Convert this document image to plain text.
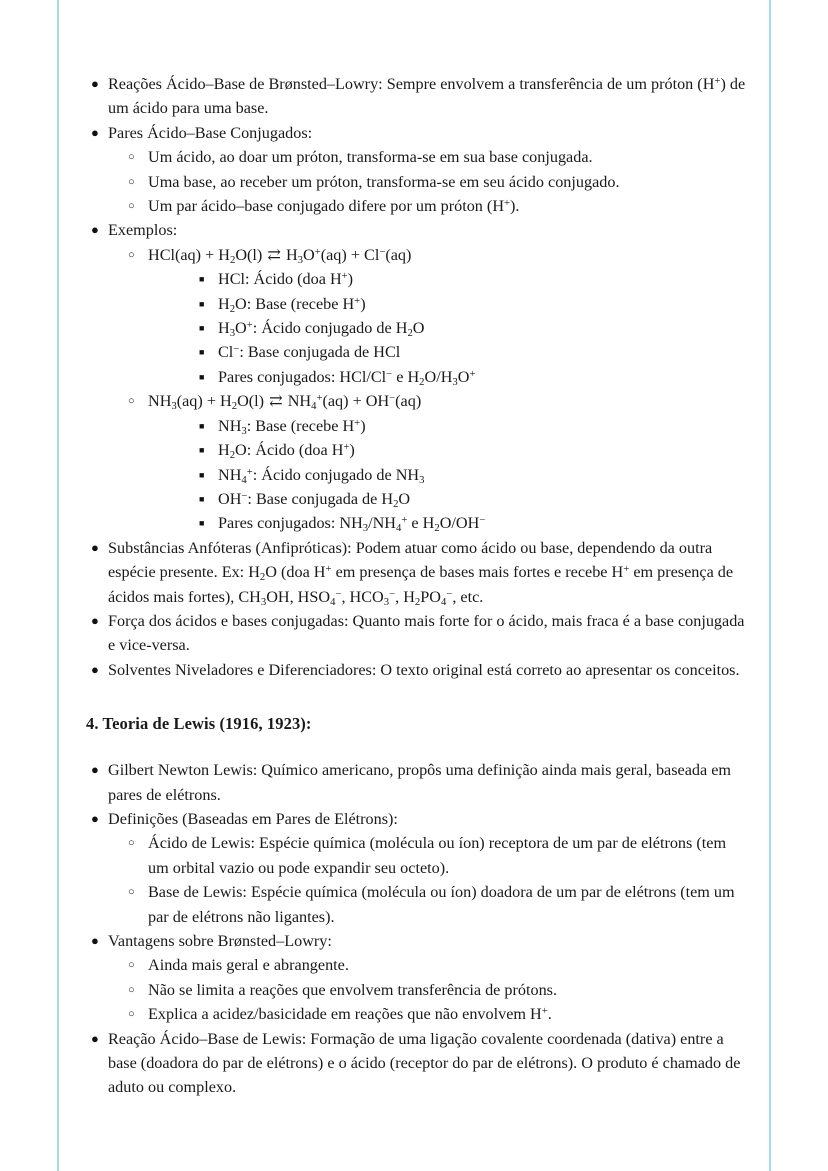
● Reações Ácido–Base de Brønsted–Lowry: Sempre envolvem a transferência de um próton (H+) de um ácido para uma base.
● Pares Ácido–Base Conjugados:
○ Um ácido, ao doar um próton, transforma-se em sua base conjugada.
○ Uma base, ao receber um próton, transforma-se em seu ácido conjugado.
○ Um par ácido–base conjugado difere por um próton (H+).
● Exemplos:
○ $HCl(aq) + H_2O(l)$ ⇄ $H_3O^+(aq) + Cl^-(aq)$
■ HCl: Ácido (doa H+)
■ $H_2O$: Base (recebe H+)
■ $H_3O^+$: Ácido conjugado de $H_2O$
■ Cl−: Base conjugada de HCl
■ Pares conjugados: HCl/Cl− e $H_2O/H_3O^+$
○ $NH_3(aq) + H_2O(l)$ ⇄ $NH_4^+(aq) + OH^-(aq)$
■ $NH_3$: Base (recebe H+)
■ $H_2O$: Ácido (doa H+)
■ $NH_4^+$: Ácido conjugado de $NH_3$
■ OH−: Base conjugada de $H_2O$
■ Pares conjugados: $NH_3/NH_4^+$ e $H_2O/OH^-$
● Substâncias Anfóteras (Anfipróticas): Podem atuar como ácido ou base, dependendo da outra espécie presente. Ex: $H_2O$ (doa H+ em presença de bases mais fortes e recebe H+ em presença de ácidos mais fortes), $CH_3OH$, $HSO_4^-$, $HCO_3^-$, $H_2PO_4^-$, etc.
● Força dos ácidos e bases conjugadas: Quanto mais forte for o ácido, mais fraca é a base conjugada e vice-versa.
● Solventes Niveladores e Diferenciadores: O texto original está correto ao apresentar os conceitos.
4. Teoria de Lewis (1916, 1923):
● Gilbert Newton Lewis: Químico americano, propôs uma definição ainda mais geral, baseada em pares de elétrons.
● Definições (Baseadas em Pares de Elétrons):
○ Ácido de Lewis: Espécie química (molécula ou íon) receptora de um par de elétrons (tem um orbital vazio ou pode expandir seu octeto).
○ Base de Lewis: Espécie química (molécula ou íon) doadora de um par de elétrons (tem um par de elétrons não ligantes).
● Vantagens sobre Brønsted–Lowry:
○ Ainda mais geral e abrangente.
○ Não se limita a reações que envolvem transferência de prótons.
○ Explica a acidez/basicidade em reações que não envolvem H+.
● Reação Ácido–Base de Lewis: Formação de uma ligação covalente coordenada (dativa) entre a base (doadora do par de elétrons) e o ácido (receptor do par de elétrons). O produto é chamado de aduto ou complexo.
